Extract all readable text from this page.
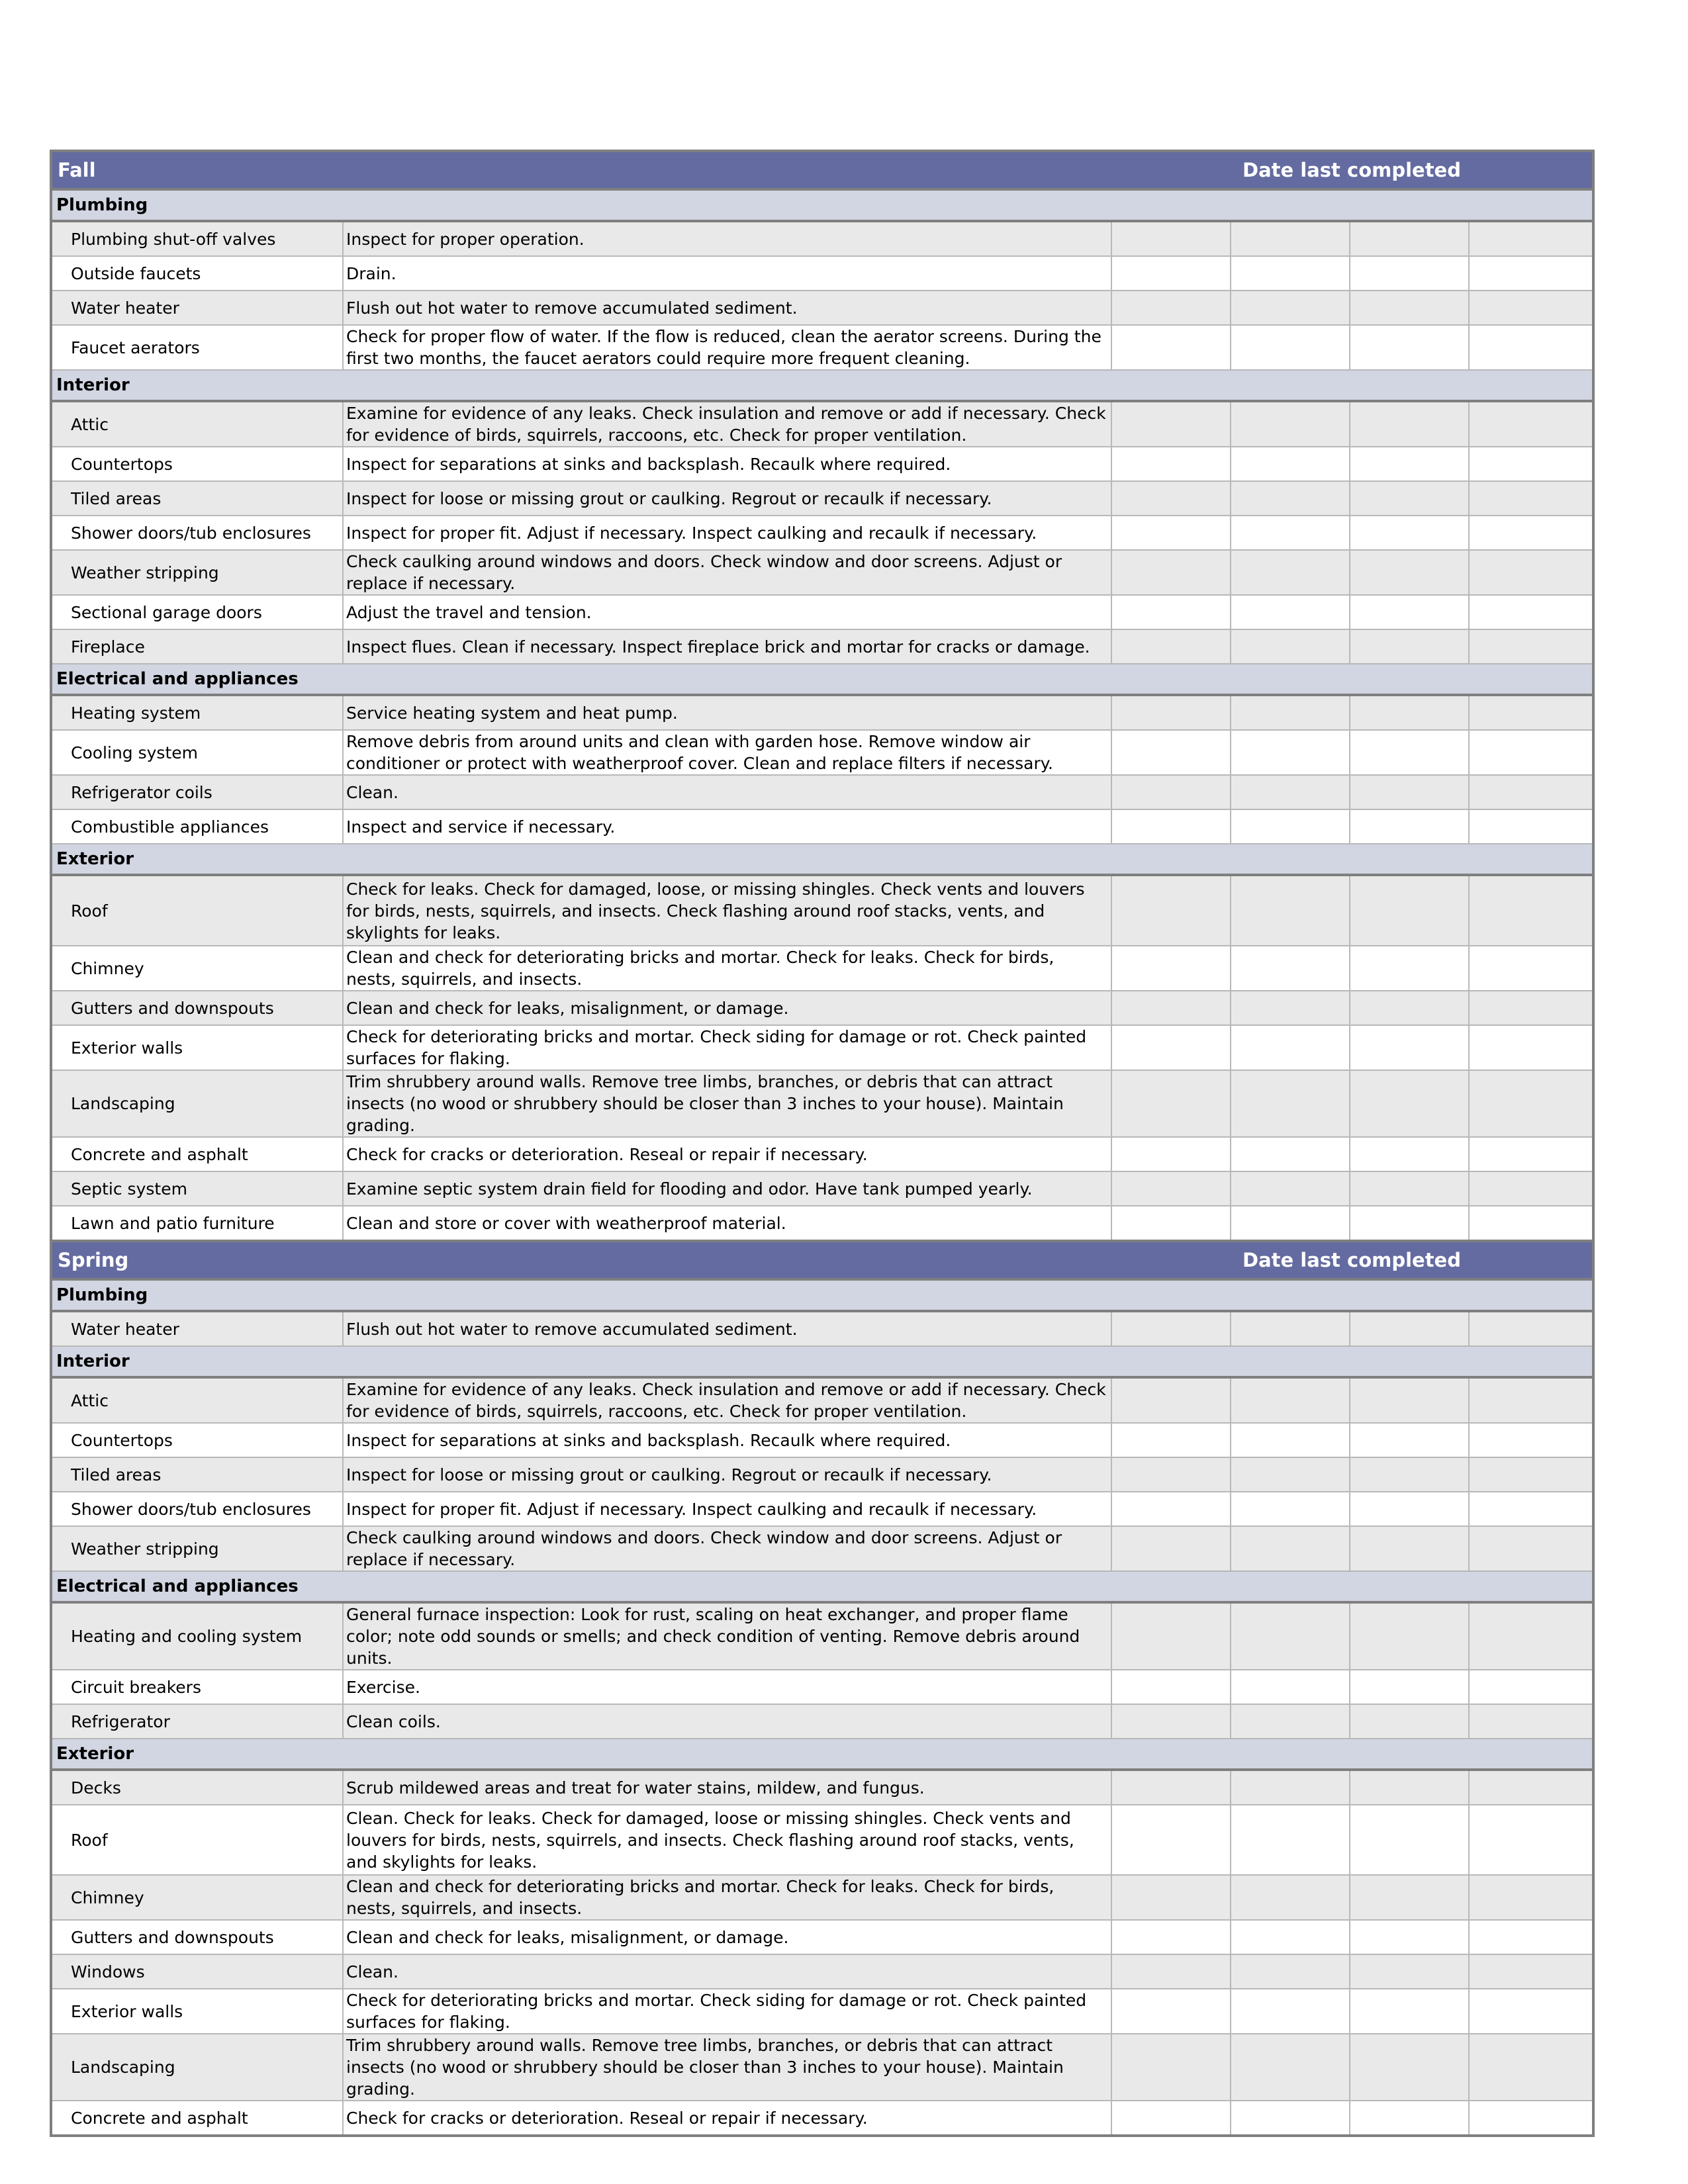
Fall		Date last completed			
Plumbing					
Plumbing shut-off valves	Inspect for proper operation.				
Outside faucets	Drain.				
Water heater	Flush out hot water to remove accumulated sediment.				
Faucet aerators	Check for proper flow of water. If the flow is reduced, clean the aerator screens. During the first two months, the faucet aerators could require more frequent cleaning.				
Interior					
Attic	Examine for evidence of any leaks. Check insulation and remove or add if necessary. Check for evidence of birds, squirrels, raccoons, etc. Check for proper ventilation.				
Countertops	Inspect for separations at sinks and backsplash. Recaulk where required.				
Tiled areas	Inspect for loose or missing grout or caulking. Regrout or recaulk if necessary.				
Shower doors/tub enclosures	Inspect for proper fit. Adjust if necessary. Inspect caulking and recaulk if necessary.				
Weather stripping	Check caulking around windows and doors. Check window and door screens. Adjust or replace if necessary.				
Sectional garage doors	Adjust the travel and tension.				
Fireplace	Inspect flues. Clean if necessary. Inspect fireplace brick and mortar for cracks or damage.				
Electrical and appliances					
Heating system	Service heating system and heat pump.				
Cooling system	Remove debris from around units and clean with garden hose. Remove window air conditioner or protect with weatherproof cover. Clean and replace filters if necessary.				
Refrigerator coils	Clean.				
Combustible appliances	Inspect and service if necessary.				
Exterior					
Roof	Check for leaks. Check for damaged, loose, or missing shingles. Check vents and louvers for birds, nests, squirrels, and insects. Check flashing around roof stacks, vents, and skylights for leaks.				
Chimney	Clean and check for deteriorating bricks and mortar. Check for leaks. Check for birds, nests, squirrels, and insects.				
Gutters and downspouts	Clean and check for leaks, misalignment, or damage.				
Exterior walls	Check for deteriorating bricks and mortar. Check siding for damage or rot. Check painted surfaces for flaking.				
Landscaping	Trim shrubbery around walls. Remove tree limbs, branches, or debris that can attract insects (no wood or shrubbery should be closer than 3 inches to your house). Maintain grading.				
Concrete and asphalt	Check for cracks or deterioration. Reseal or repair if necessary.				
Septic system	Examine septic system drain field for flooding and odor. Have tank pumped yearly.				
Lawn and patio furniture	Clean and store or cover with weatherproof material.				
Spring		Date last completed			
Plumbing					
Water heater	Flush out hot water to remove accumulated sediment.				
Interior					
Attic	Examine for evidence of any leaks. Check insulation and remove or add if necessary. Check for evidence of birds, squirrels, raccoons, etc. Check for proper ventilation.				
Countertops	Inspect for separations at sinks and backsplash. Recaulk where required.				
Tiled areas	Inspect for loose or missing grout or caulking. Regrout or recaulk if necessary.				
Shower doors/tub enclosures	Inspect for proper fit. Adjust if necessary. Inspect caulking and recaulk if necessary.				
Weather stripping	Check caulking around windows and doors. Check window and door screens. Adjust or replace if necessary.				
Electrical and appliances					
Heating and cooling system	General furnace inspection: Look for rust, scaling on heat exchanger, and proper flame color; note odd sounds or smells; and check condition of venting. Remove debris around units.				
Circuit breakers	Exercise.				
Refrigerator	Clean coils.				
Exterior					
Decks	Scrub mildewed areas and treat for water stains, mildew, and fungus.				
Roof	Clean. Check for leaks. Check for damaged, loose or missing shingles. Check vents and louvers for birds, nests, squirrels, and insects. Check flashing around roof stacks, vents, and skylights for leaks.				
Chimney	Clean and check for deteriorating bricks and mortar. Check for leaks. Check for birds, nests, squirrels, and insects.				
Gutters and downspouts	Clean and check for leaks, misalignment, or damage.				
Windows	Clean.				
Exterior walls	Check for deteriorating bricks and mortar. Check siding for damage or rot. Check painted surfaces for flaking.				
Landscaping	Trim shrubbery around walls. Remove tree limbs, branches, or debris that can attract insects (no wood or shrubbery should be closer than 3 inches to your house). Maintain grading.				
Concrete and asphalt	Check for cracks or deterioration. Reseal or repair if necessary.				
